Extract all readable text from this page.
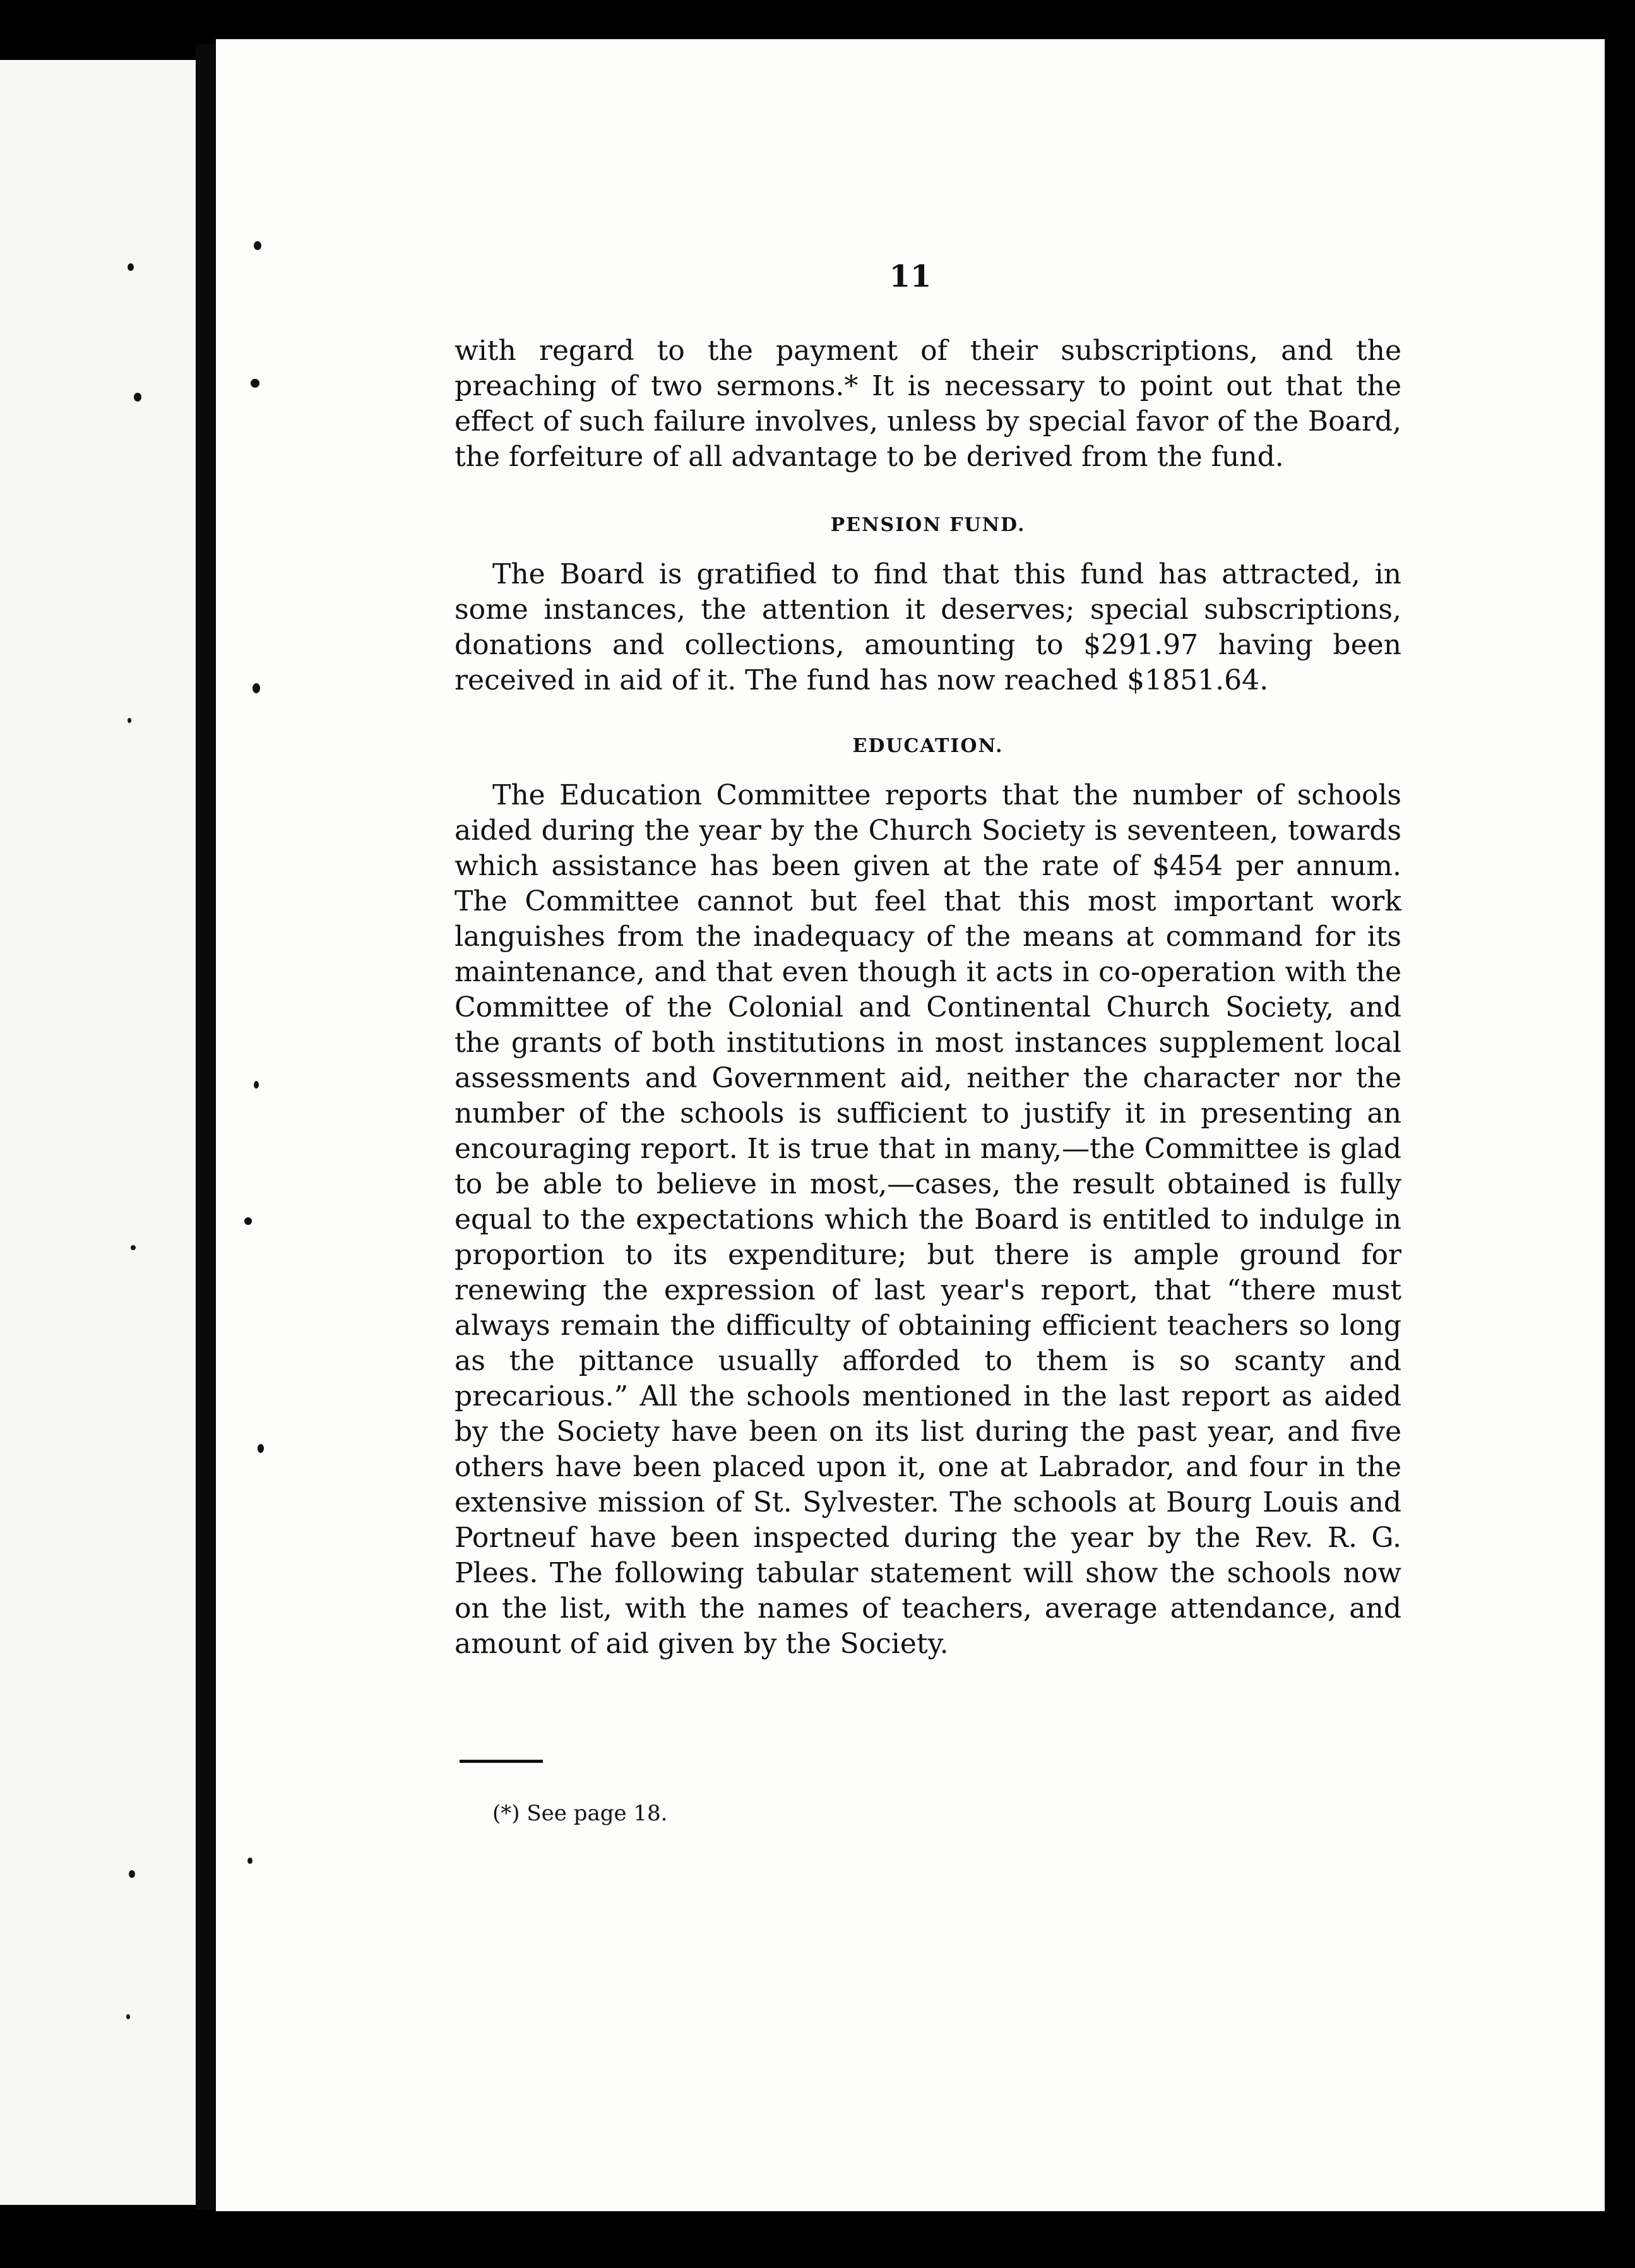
11

with regard to the payment of their subscriptions, and the preaching of two sermons.* It is necessary to point out that the effect of such failure involves, unless by special favor of the Board, the forfeiture of all advantage to be derived from the fund.

PENSION FUND.

The Board is gratified to find that this fund has attracted, in some instances, the attention it deserves; special subscriptions, donations and collections, amounting to $291.97 having been received in aid of it. The fund has now reached $1851.64.

EDUCATION.

The Education Committee reports that the number of schools aided during the year by the Church Society is seventeen, towards which assistance has been given at the rate of $454 per annum. The Committee cannot but feel that this most important work languishes from the inadequacy of the means at command for its maintenance, and that even though it acts in co-operation with the Committee of the Colonial and Continental Church Society, and the grants of both institutions in most instances supplement local assessments and Government aid, neither the character nor the number of the schools is sufficient to justify it in presenting an encouraging report. It is true that in many,—the Committee is glad to be able to believe in most,—cases, the result obtained is fully equal to the expectations which the Board is entitled to indulge in proportion to its expenditure; but there is ample ground for renewing the expression of last year's report, that “there must always remain the difficulty of obtaining efficient teachers so long as the pittance usually afforded to them is so scanty and precarious.” All the schools mentioned in the last report as aided by the Society have been on its list during the past year, and five others have been placed upon it, one at Labrador, and four in the extensive mission of St. Sylvester. The schools at Bourg Louis and Portneuf have been inspected during the year by the Rev. R. G. Plees. The following tabular statement will show the schools now on the list, with the names of teachers, average attendance, and amount of aid given by the Society.

(*) See page 18.
